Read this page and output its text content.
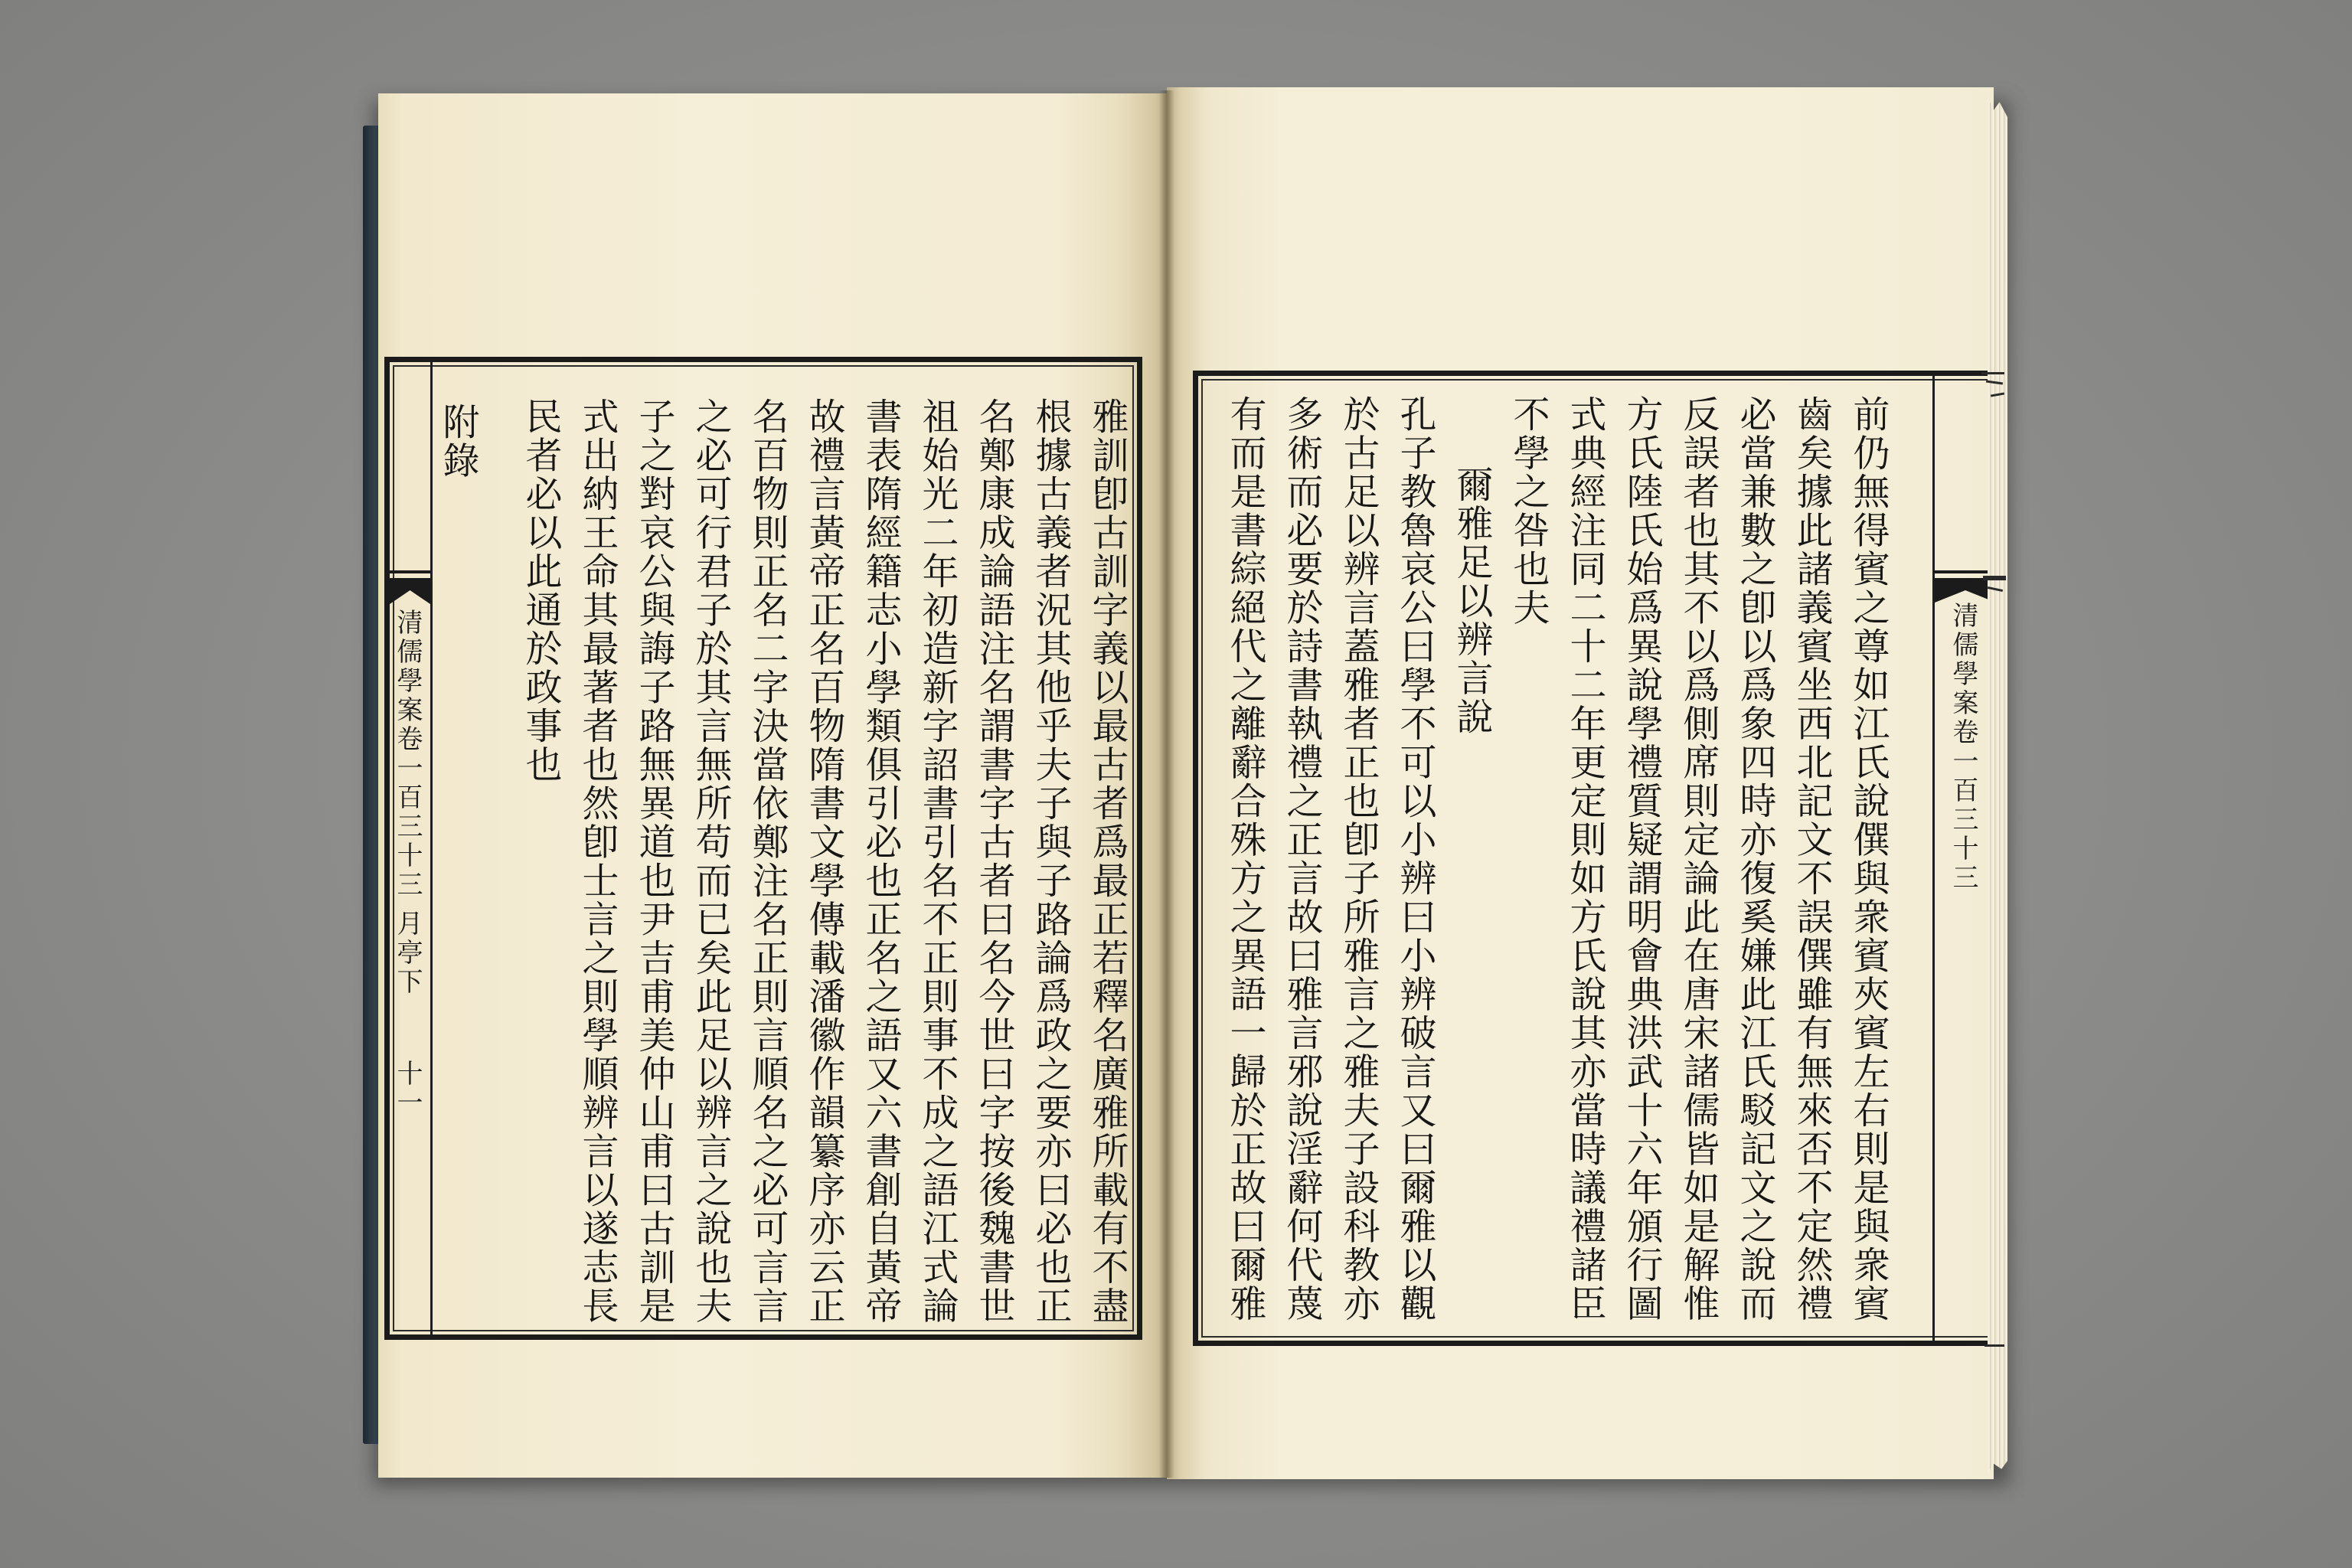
清儒學案卷一百三十三
月亭下
十一	雅訓卽古訓字義以最古者爲最正若釋名廣雅所載有不盡
根據古義者況其他乎夫子與子路論爲政之要亦曰必也正
名鄭康成論語注名謂書字古者曰名今世曰字按後魏書世
祖始光二年初造新字詔書引名不正則事不成之語江式論
書表隋經籍志小學類俱引必也正名之語又六書創自黃帝
故禮言黃帝正名百物隋書文學傳載潘徽作韻纂序亦云正
名百物則正名二字決當依鄭注名正則言順名之必可言言
之必可行君子於其言無所苟而已矣此足以辨言之說也夫
子之對哀公與誨子路無異道也尹吉甫美仲山甫曰古訓是
式出納王命其最著者也然卽士言之則學順辨言以遂志長
民者必以此通於政事也
附錄
清儒學案卷一百三十三
前仍無得賓之尊如江氏說僎與衆賓夾賓左右則是與衆賓
齒矣據此諸義賓坐西北記文不誤僎雖有無來否不定然禮
必當兼數之卽以爲象四時亦復奚嫌此江氏駁記文之說而
反誤者也其不以爲側席則定論此在唐宋諸儒皆如是解惟
方氏陸氏始爲異說學禮質疑謂明會典洪武十六年頒行圖
式典經注同二十二年更定則如方氏說其亦當時議禮諸臣
不學之咎也夫
爾雅足以辨言說
孔子教魯哀公曰學不可以小辨曰小辨破言又曰爾雅以觀
於古足以辨言蓋雅者正也卽子所雅言之雅夫子設科教亦
多術而必要於詩書執禮之正言故曰雅言邪說淫辭何代蔑
有而是書綜絕代之離辭合殊方之異語一歸於正故曰爾雅
